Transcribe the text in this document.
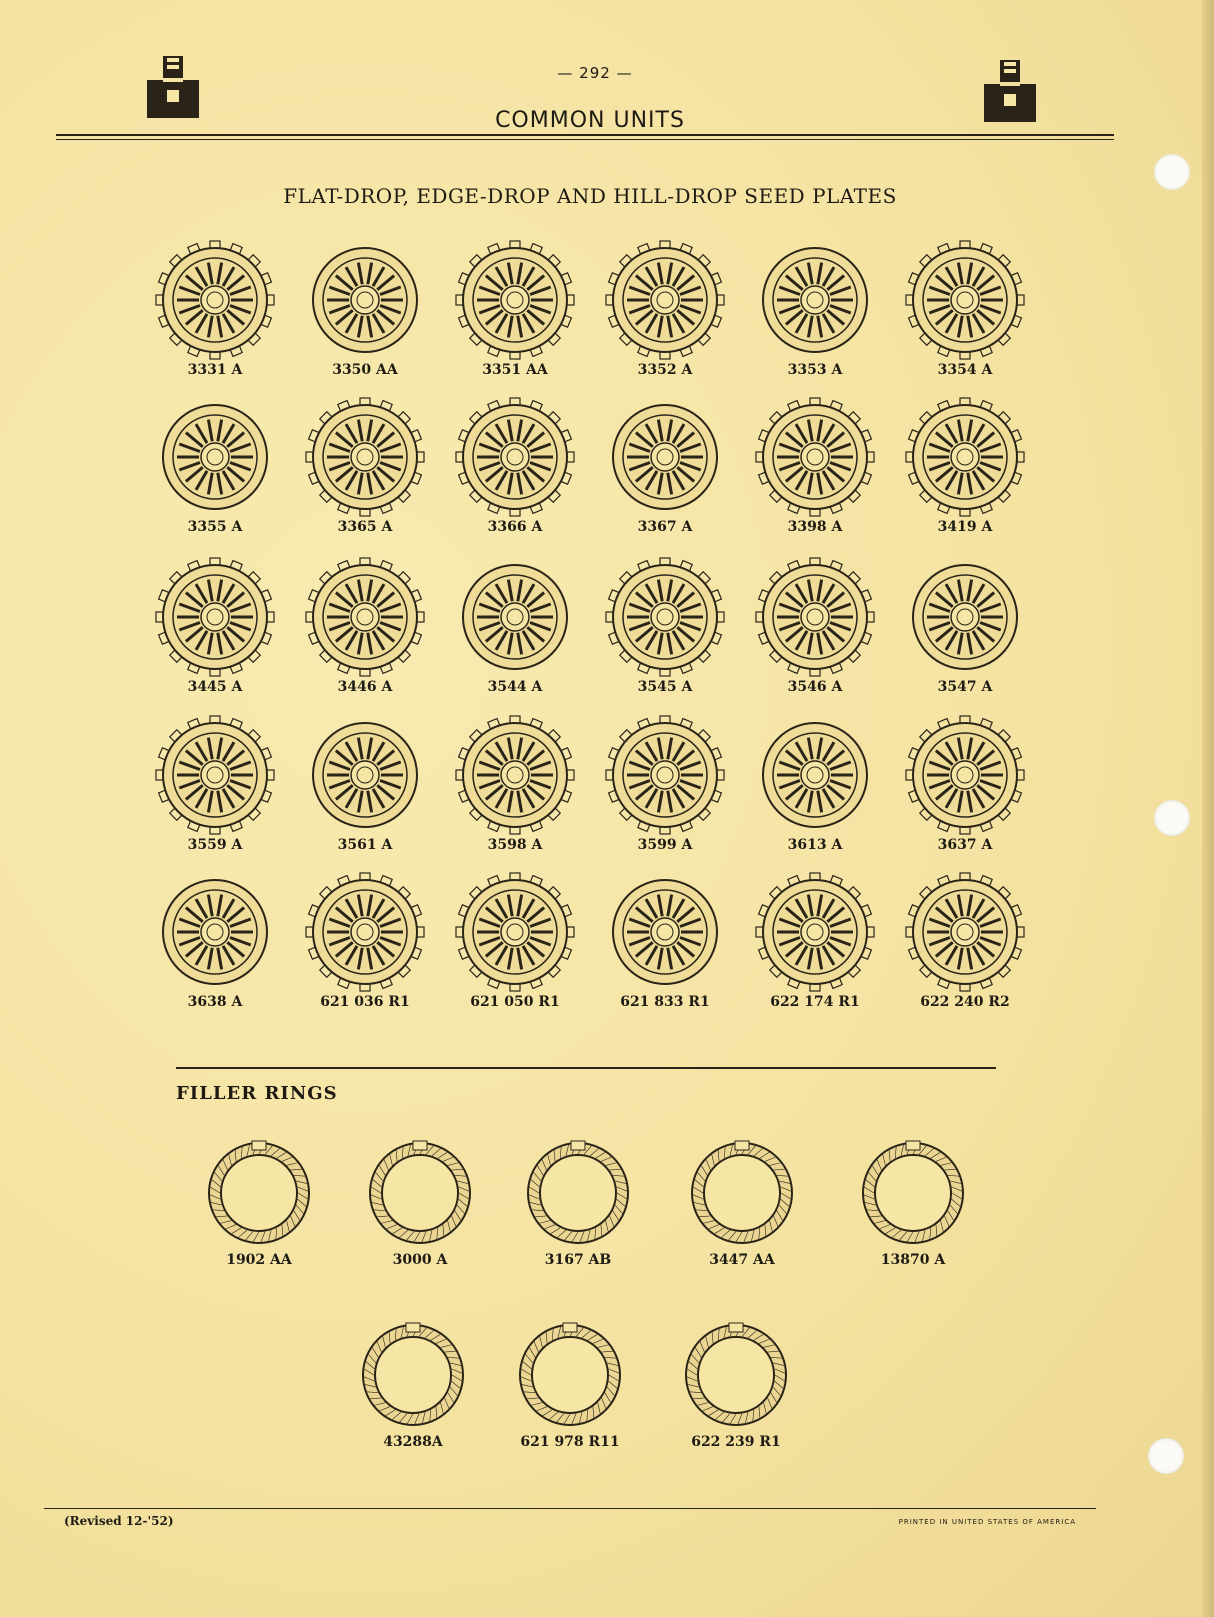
— 292 —
COMMON UNITS
FLAT-DROP, EDGE-DROP AND HILL-DROP SEED PLATES
3331 A	3350 AA	3351 AA	3352 A	3353 A	3354 A
3355 A	3365 A	3366 A	3367 A	3398 A	3419 A
3445 A	3446 A	3544 A	3545 A	3546 A	3547 A
3559 A	3561 A	3598 A	3599 A	3613 A	3637 A
3638 A	621 036 R1	621 050 R1	621 833 R1	622 174 R1	622 240 R2
FILLER RINGS
1902 AA	3000 A	3167 AB	3447 AA	13870 A
43288A	621 978 R11	622 239 R1
(Revised 12-'52)	PRINTED IN UNITED STATES OF AMERICA
